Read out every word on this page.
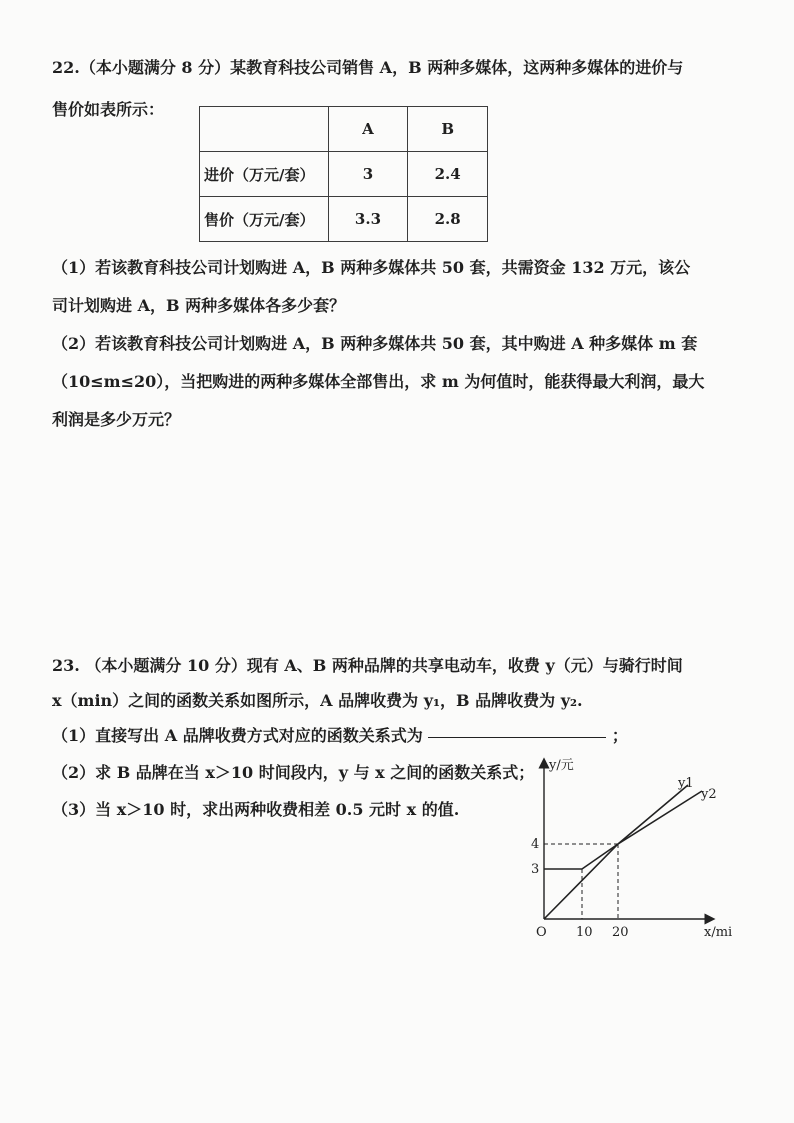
22.（本小题满分 8 分）某教育科技公司销售 A，B 两种多媒体，这两种多媒体的进价与
售价如表所示：
	A	B
进价（万元/套）	3	2.4
售价（万元/套）	3.3	2.8
（1）若该教育科技公司计划购进 A，B 两种多媒体共 50 套，共需资金 132 万元，该公
司计划购进 A，B 两种多媒体各多少套？
（2）若该教育科技公司计划购进 A，B 两种多媒体共 50 套，其中购进 A 种多媒体 m 套
（10≤m≤20），当把购进的两种多媒体全部售出，求 m 为何值时，能获得最大利润，最大
利润是多少万元？
23. （本小题满分 10 分）现有 A、B 两种品牌的共享电动车，收费 y（元）与骑行时间
x（min）之间的函数关系如图所示，A 品牌收费为 y₁，B 品牌收费为 y₂.
（1）直接写出 A 品牌收费方式对应的函数关系式为	；
（2）求 B 品牌在当 x＞10 时间段内，y 与 x 之间的函数关系式；
（3）当 x＞10 时，求出两种收费相差 0.5 元时 x 的值.
O 10 20
3
4
y/元
x/mi
y1
y2
